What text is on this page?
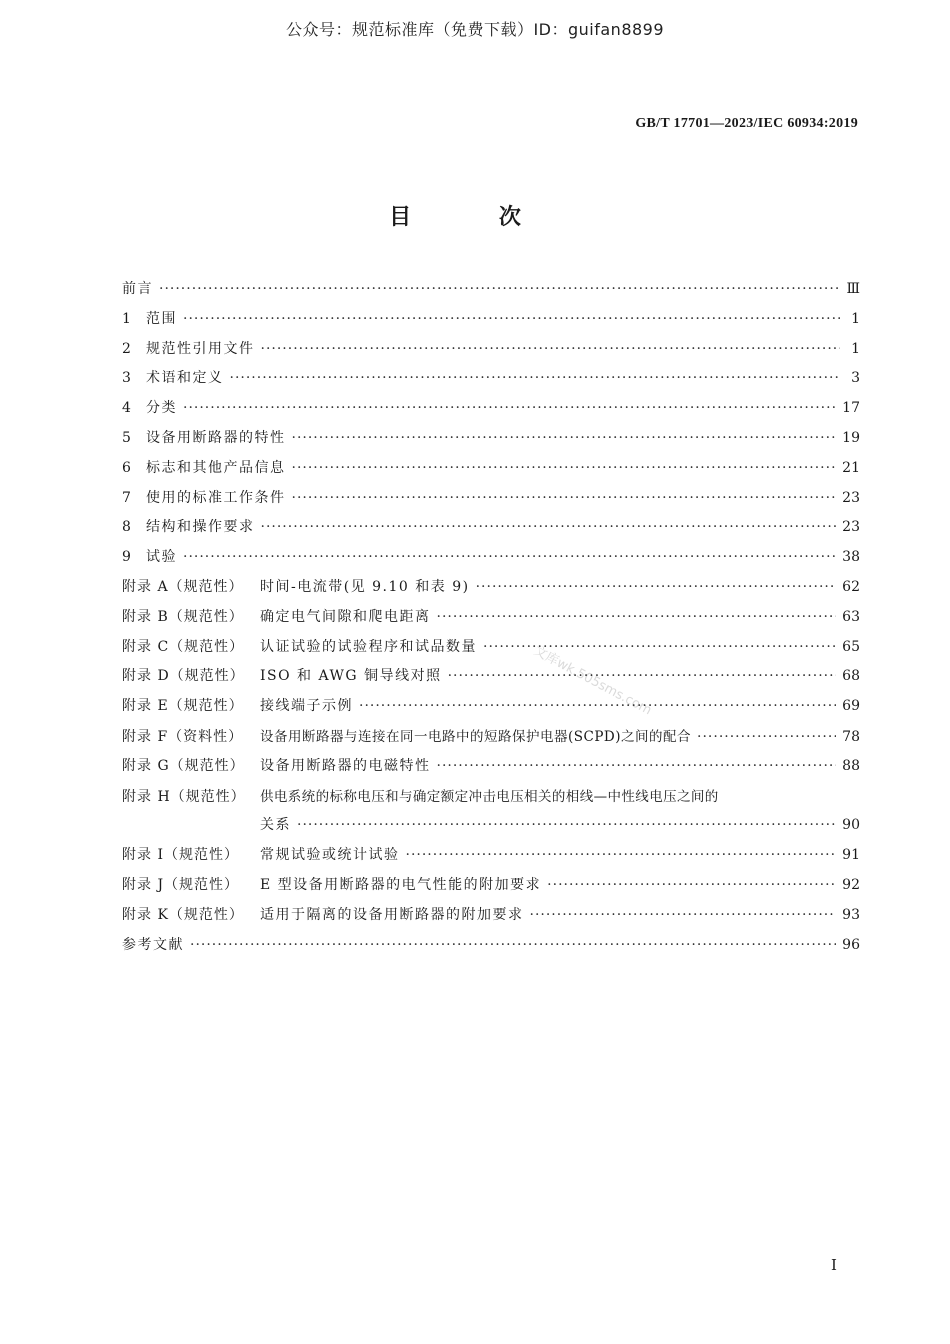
公众号：规范标准库（免费下载）ID：guifan8899
GB/T 17701—2023/IEC 60934:2019
目 次
文库wk.505sms.com
前言 ·····	Ⅲ
1	范围 ·····	1
2	规范性引用文件 ·····	1
3	术语和定义 ·····	3
4	分类 ·····	17
5	设备用断路器的特性 ·····	19
6	标志和其他产品信息 ·····	21
7	使用的标准工作条件 ·····	23
8	结构和操作要求 ·····	23
9	试验 ·····	38
附录 A（规范性）	时间-电流带(见 9.10 和表 9) ·····	62
附录 B（规范性）	确定电气间隙和爬电距离 ·····	63
附录 C（规范性）	认证试验的试验程序和试品数量 ·····	65
附录 D（规范性）	ISO 和 AWG 铜导线对照 ·····	68
附录 E（规范性）	接线端子示例 ·····	69
附录 F（资料性）	设备用断路器与连接在同一电路中的短路保护电器(SCPD)之间的配合 ·····	78
附录 G（规范性）	设备用断路器的电磁特性 ·····	88
附录 H（规范性）	供电系统的标称电压和与确定额定冲击电压相关的相线—中性线电压之间的
关系 ·····	90
附录 I（规范性）	常规试验或统计试验 ·····	91
附录 J（规范性）	E 型设备用断路器的电气性能的附加要求 ·····	92
附录 K（规范性）	适用于隔离的设备用断路器的附加要求 ·····	93
参考文献 ·····	96
I
